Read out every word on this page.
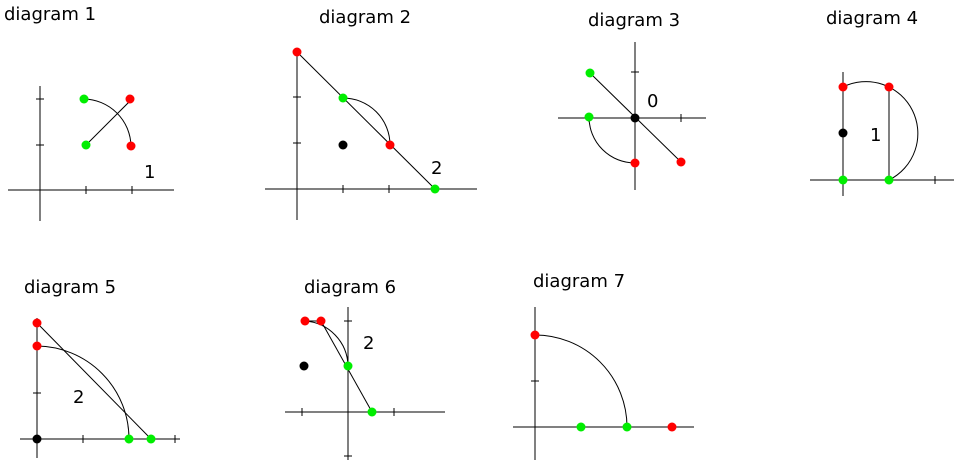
diagram 1
1
diagram 2
2
diagram 3
0
diagram 4
1
diagram 5
2
diagram 6
2
diagram 7
